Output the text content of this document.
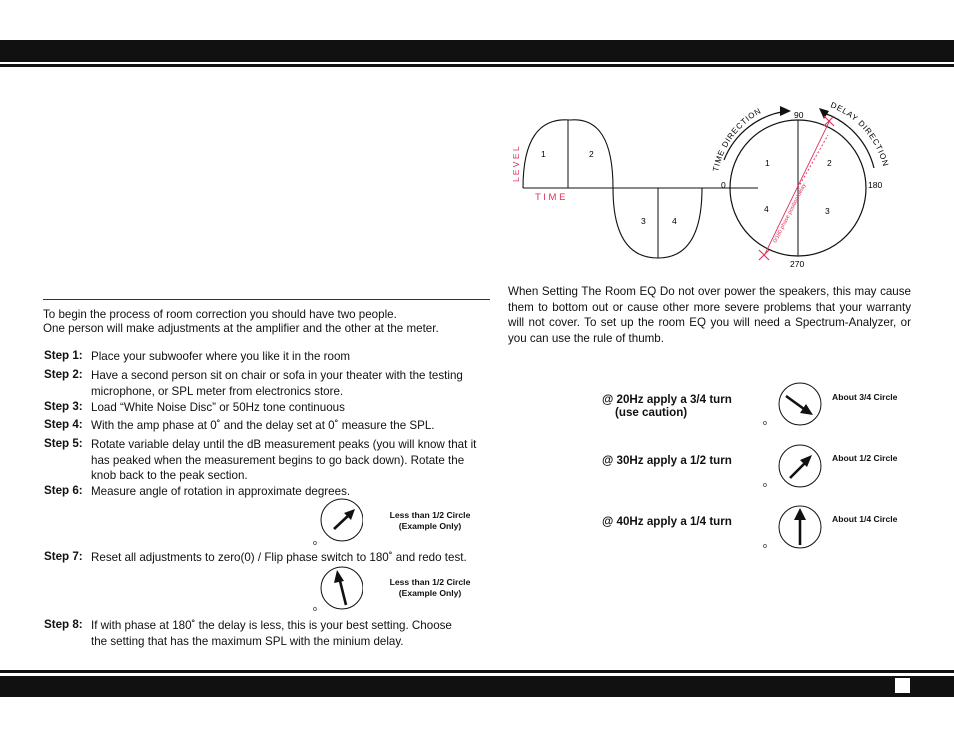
L E V E L
T I M E
1	2
3	4
1	2
4	3
90
0	180
270
TIME DIRECTION
DELAY DIRECTION
0/180 phase position/delay
To begin the process of room correction you should have two people.
One person will make adjustments at the amplifier and the other at the meter.
Step 1: Place your subwoofer where you like it in the room
Step 2: Have a second person sit on chair or sofa in your theater with the testing microphone, or SPL meter from electronics store.
Step 3: Load “White Noise Disc” or 50Hz tone continuous
Step 4: With the amp phase at 0˚ and the delay set at 0˚ measure the SPL.
Step 5: Rotate variable delay until the dB measurement peaks (you will know that it has peaked when the measurement begins to go back down). Rotate the knob back to the peak section.
Step 6: Measure angle of rotation in approximate degrees.
o
Less than 1/2 Circle
(Example Only)
Step 7: Reset all adjustments to zero(0) / Flip phase switch to 180˚ and redo test.
o
Less than 1/2 Circle
(Example Only)
Step 8: If with phase at 180˚ the delay is less, this is your best setting. Choose the setting that has the maximum SPL with the minium delay.
When Setting The Room EQ Do not over power the speakers, this may cause them to bottom out or cause other more severe problems that your warranty will not cover. To set up the room EQ you will need a Spectrum-Analyzer, or you can use the rule of thumb.
@ 20Hz apply a 3/4 turn
(use caution)
o
About 3/4 Circle
@ 30Hz apply a 1/2 turn
o
About 1/2 Circle
@ 40Hz apply a 1/4 turn
o
About 1/4 Circle
